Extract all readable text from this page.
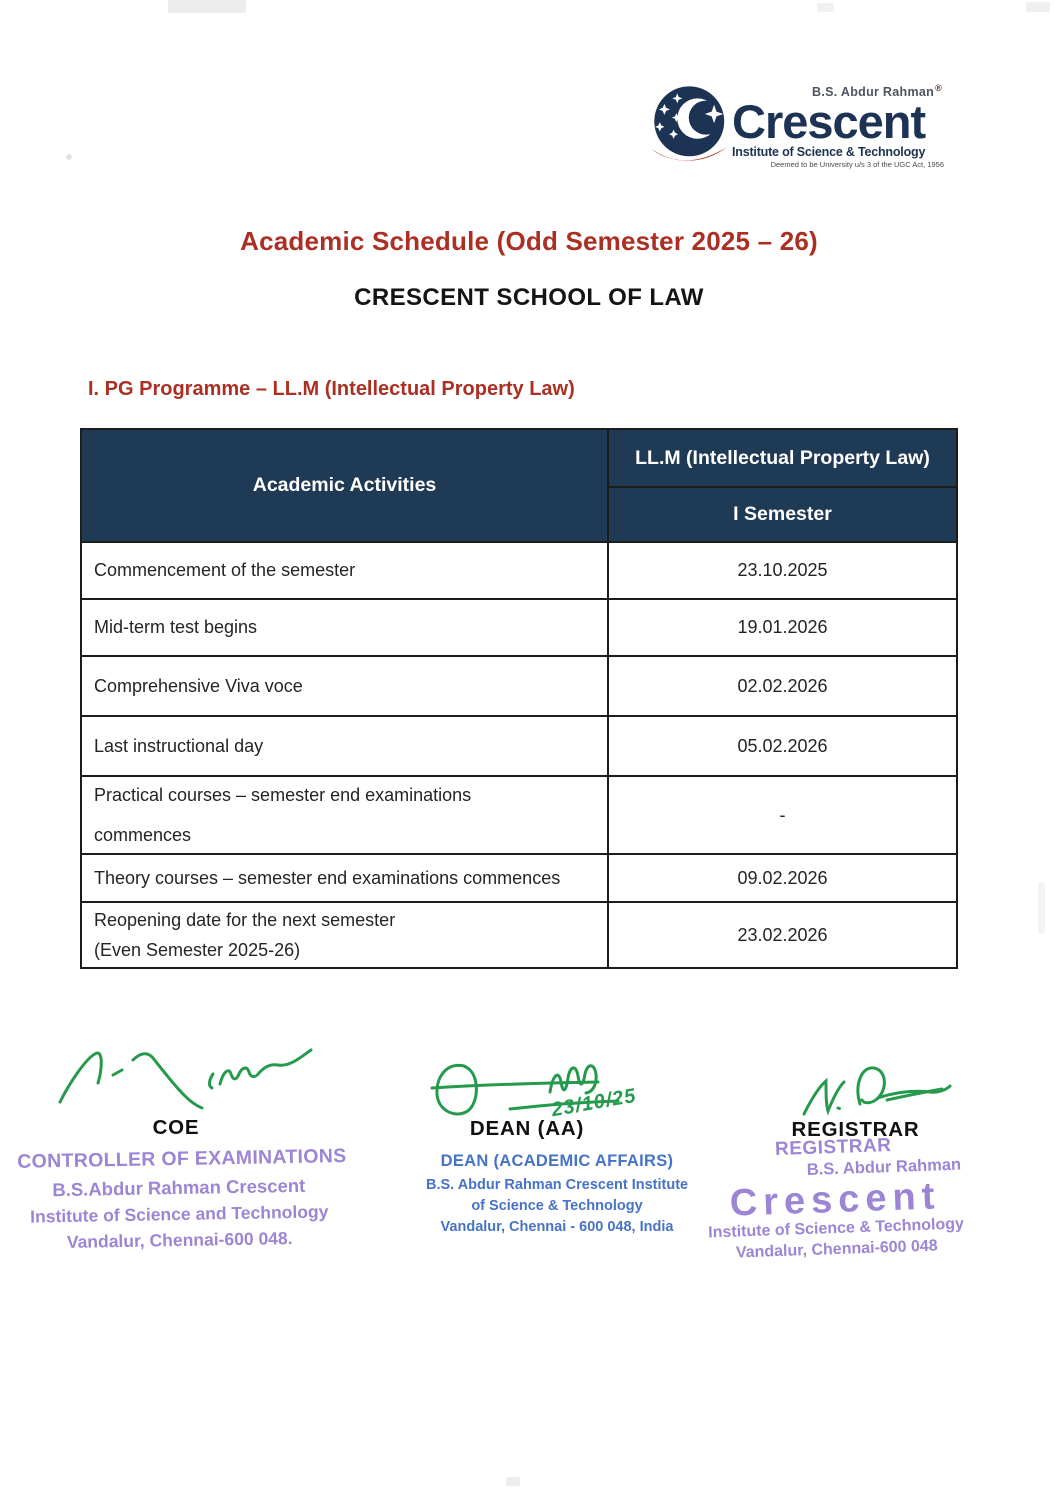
B.S. Abdur Rahman®
Crescent
Institute of Science & Technology
Deemed to be University u/s 3 of the UGC Act, 1956
Academic Schedule (Odd Semester 2025 – 26)
CRESCENT SCHOOL OF LAW
I. PG Programme – LL.M (Intellectual Property Law)
Academic Activities	LL.M (Intellectual Property Law)
	I Semester

Commencement of the semester	23.10.2025

Mid-term test begins	19.01.2026

Comprehensive Viva voce	02.02.2026

Last instructional day	05.02.2026

Practical courses – semester end examinations
commences	-

Theory courses – semester end examinations commences	09.02.2026

Reopening date for the next semester
(Even Semester 2025-26)	23.02.2026
COE
CONTROLLER OF EXAMINATIONS
B.S.Abdur Rahman Crescent
Institute of Science and Technology
Vandalur, Chennai-600 048.
23/10/25
DEAN (AA)
DEAN (ACADEMIC AFFAIRS)
B.S. Abdur Rahman Crescent Institute
of Science & Technology
Vandalur, Chennai - 600 048, India
REGISTRAR
REGISTRAR
B.S. Abdur Rahman
Crescent
Institute of Science & Technology
Vandalur, Chennai-600 048
